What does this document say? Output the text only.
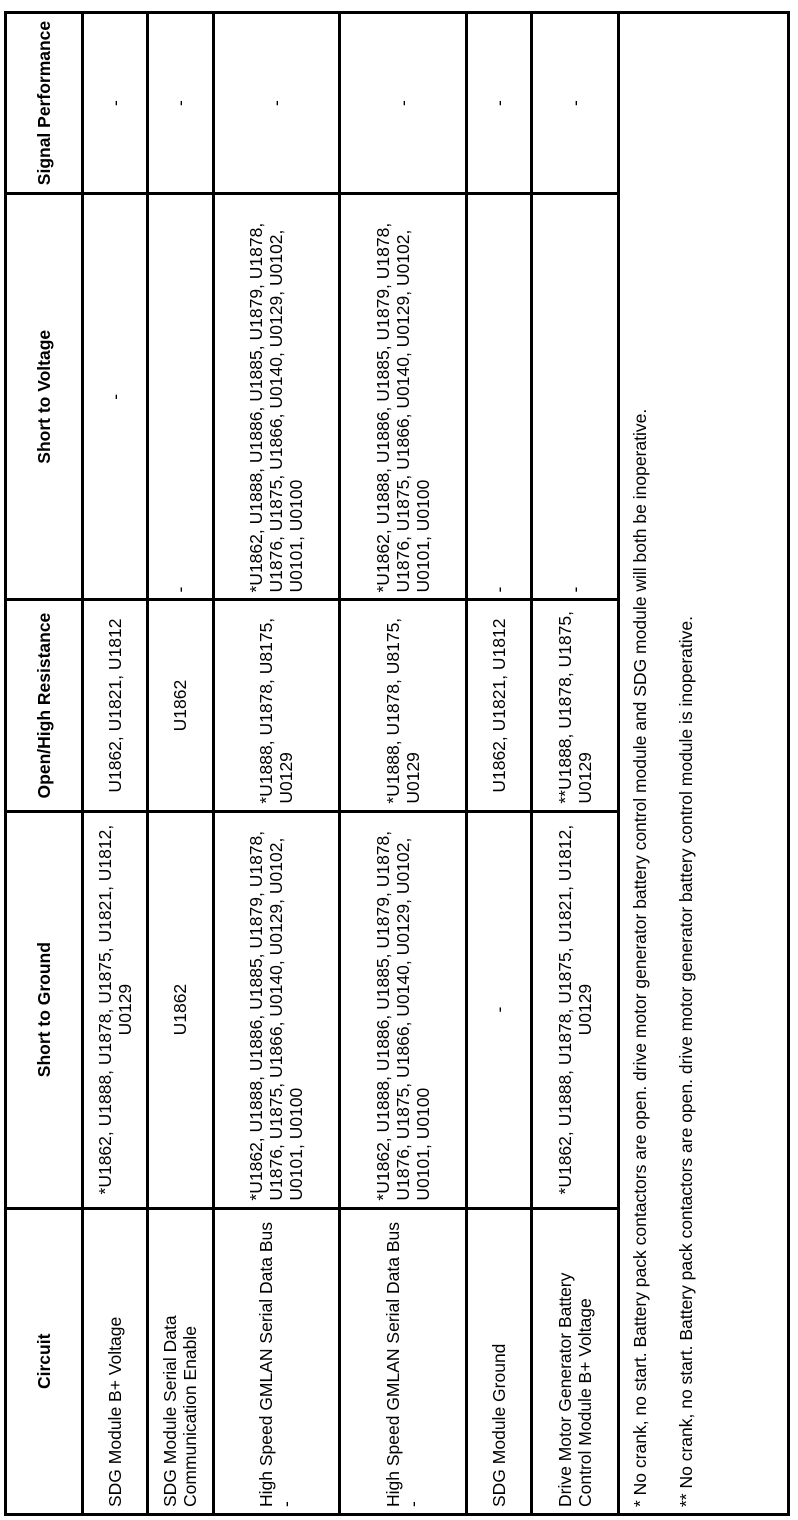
Circuit	Short to Ground	Open/High Resistance	Short to Voltage	Signal Performance
SDG Module B+ Voltage	*U1862, U1888, U1878, U1875, U1821, U1812, U0129	U1862, U1821, U1812	-	-
SDG Module Serial Data Communication Enable	U1862	U1862	-	-
High Speed GMLAN Serial Data Bus -	*U1862, U1888, U1886, U1885, U1879, U1878, U1876, U1875, U1866, U0140, U0129, U0102, U0101, U0100	*U1888, U1878, U8175, U0129	*U1862, U1888, U1886, U1885, U1879, U1878, U1876, U1875, U1866, U0140, U0129, U0102, U0101, U0100	-
High Speed GMLAN Serial Data Bus -	*U1862, U1888, U1886, U1885, U1879, U1878, U1876, U1875, U1866, U0140, U0129, U0102, U0101, U0100	*U1888, U1878, U8175, U0129	*U1862, U1888, U1886, U1885, U1879, U1878, U1876, U1875, U1866, U0140, U0129, U0102, U0101, U0100	-
SDG Module Ground	-	U1862, U1821, U1812	-	-
Drive Motor Generator Battery Control Module B+ Voltage	*U1862, U1888, U1878, U1875, U1821, U1812, U0129	**U1888, U1878, U1875, U0129	-	-

* No crank, no start. Battery pack contactors are open. drive motor generator battery control module and SDG module will both be inoperative. ** No crank, no start. Battery pack contactors are open. drive motor generator battery control module is inoperative.				
